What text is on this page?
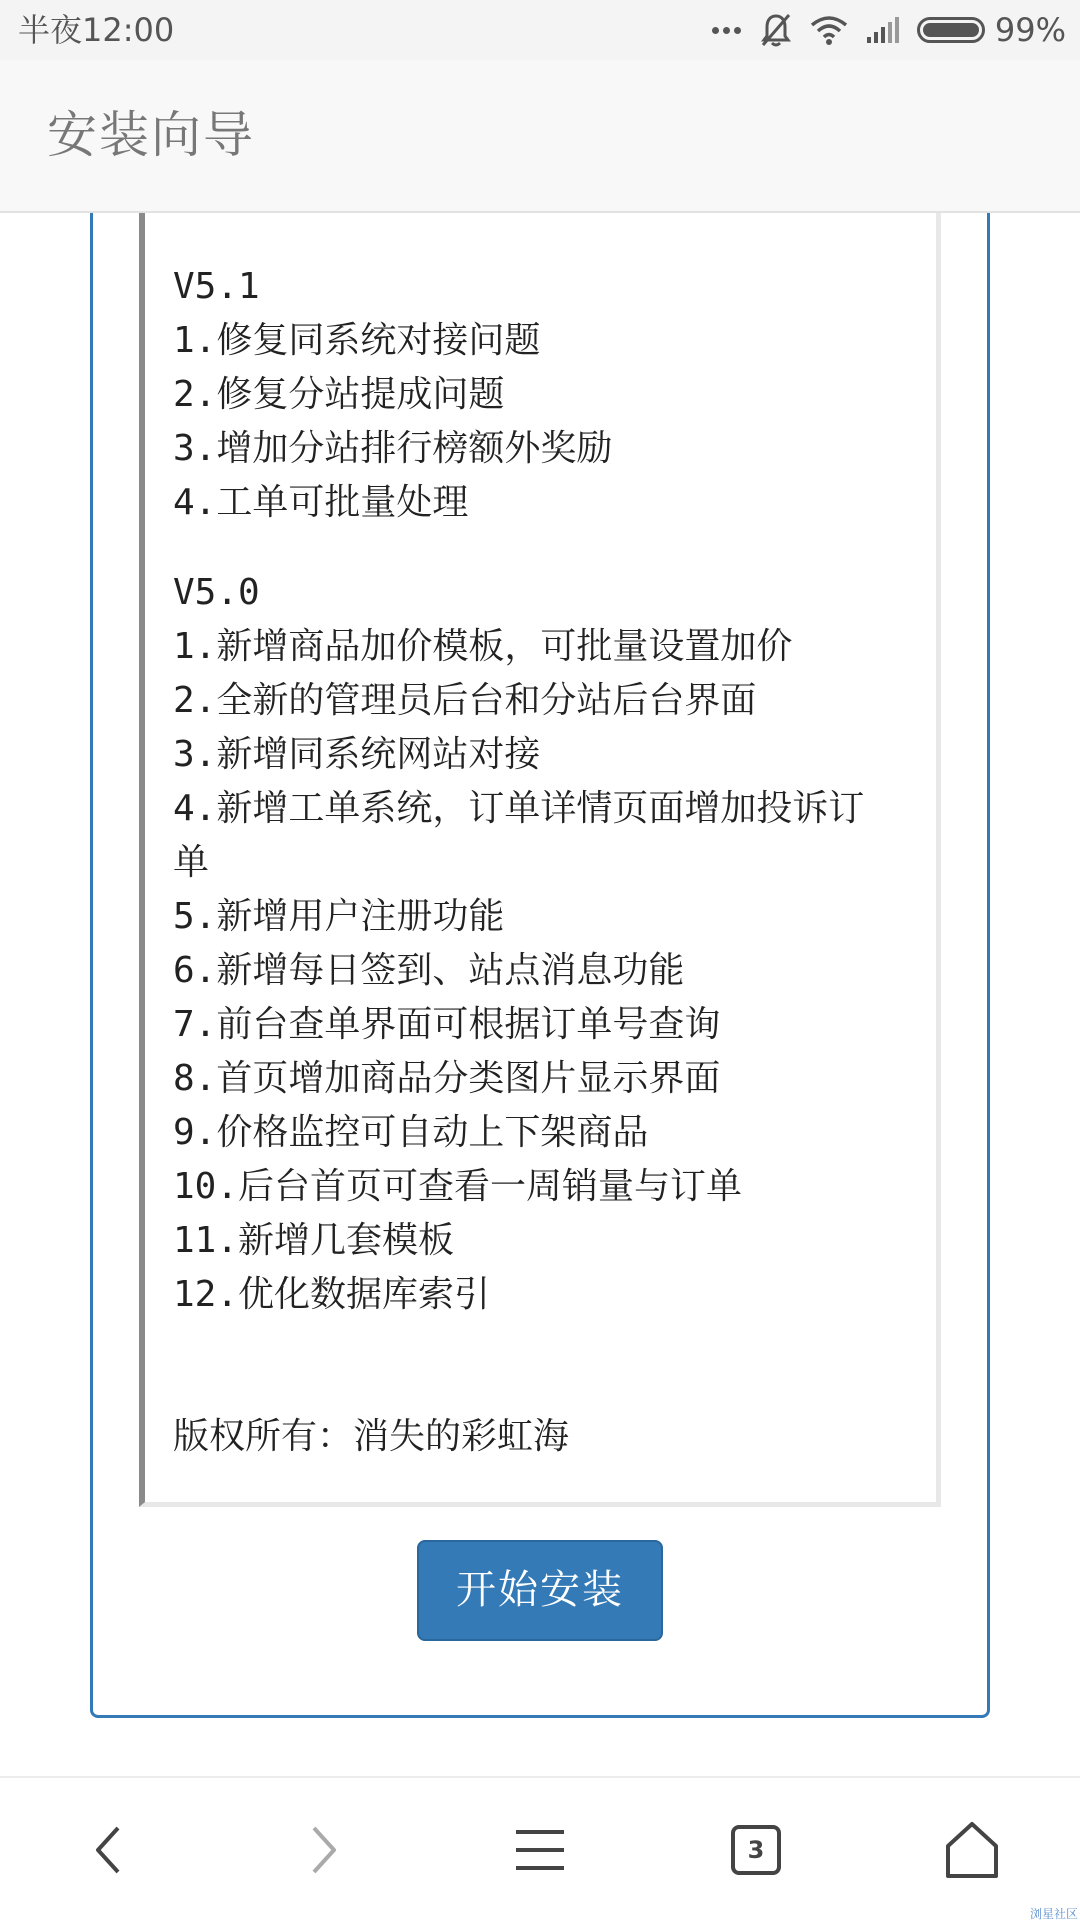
半夜12:00	99%
安装向导
V5.1
1.修复同系统对接问题
2.修复分站提成问题
3.增加分站排行榜额外奖励
4.工单可批量处理
V5.0
1.新增商品加价模板，可批量设置加价
2.全新的管理员后台和分站后台界面
3.新增同系统网站对接
4.新增工单系统，订单详情页面增加投诉订
单
5.新增用户注册功能
6.新增每日签到、站点消息功能
7.前台查单界面可根据订单号查询
8.首页增加商品分类图片显示界面
9.价格监控可自动上下架商品
10.后台首页可查看一周销量与订单
11.新增几套模板
12.优化数据库索引
版权所有：消失的彩虹海
开始安装
3
浏星社区
